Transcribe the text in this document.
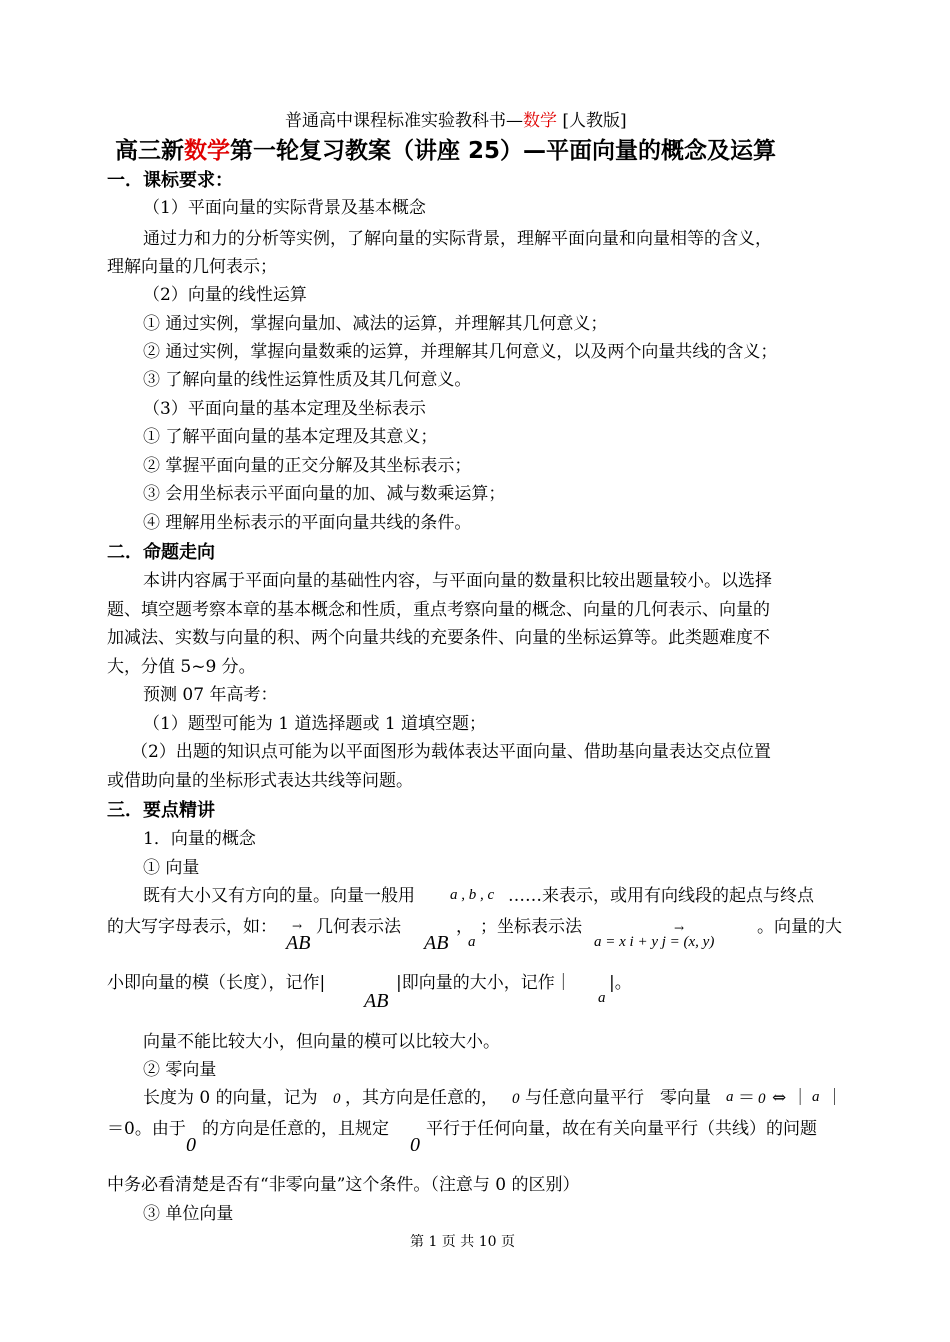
普通高中课程标准实验教科书—数学 [人教版]
高三新数学第一轮复习教案（讲座 25）—平面向量的概念及运算
一．课标要求：
（1）平面向量的实际背景及基本概念
通过力和力的分析等实例，了解向量的实际背景，理解平面向量和向量相等的含义，
理解向量的几何表示；
（2）向量的线性运算
① 通过实例，掌握向量加、减法的运算，并理解其几何意义；
② 通过实例，掌握向量数乘的运算，并理解其几何意义，以及两个向量共线的含义；
③ 了解向量的线性运算性质及其几何意义。
（3）平面向量的基本定理及坐标表示
① 了解平面向量的基本定理及其意义；
② 掌握平面向量的正交分解及其坐标表示；
③ 会用坐标表示平面向量的加、减与数乘运算；
④ 理解用坐标表示的平面向量共线的条件。
二．命题走向
本讲内容属于平面向量的基础性内容，与平面向量的数量积比较出题量较小。以选择
题、填空题考察本章的基本概念和性质，重点考察向量的概念、向量的几何表示、向量的
加减法、实数与向量的积、两个向量共线的充要条件、向量的坐标运算等。此类题难度不
大，分值 5~9 分。
预测 07 年高考：
（1）题型可能为 1 道选择题或 1 道填空题；
（2）出题的知识点可能为以平面图形为载体表达平面向量、借助基向量表达交点位置
或借助向量的坐标形式表达共线等问题。
三．要点精讲
1．向量的概念
① 向量
既有大小又有方向的量。向量一般用 a , b , c ……来表示，或用有向线段的起点与终点
的大写字母表示，如： →
AB
几何表示法
AB
，
a
；坐标表示法	→
a = x i + y j = (x, y)
。向量的大
小即向量的模（长度），记作|
AB
|即向量的大小，记作｜
a
|。
向量不能比较大小，但向量的模可以比较大小。
② 零向量
长度为 0 的向量，记为 0 ，其方向是任意的， 0 与任意向量平行 零向量 a ＝ 0 ⇔ ｜ a ｜
＝0。由于
0
的方向是任意的，且规定
0
平行于任何向量，故在有关向量平行（共线）的问题
中务必看清楚是否有“非零向量”这个条件。（注意与 0 的区别）
③ 单位向量
第 1 页 共 10 页
